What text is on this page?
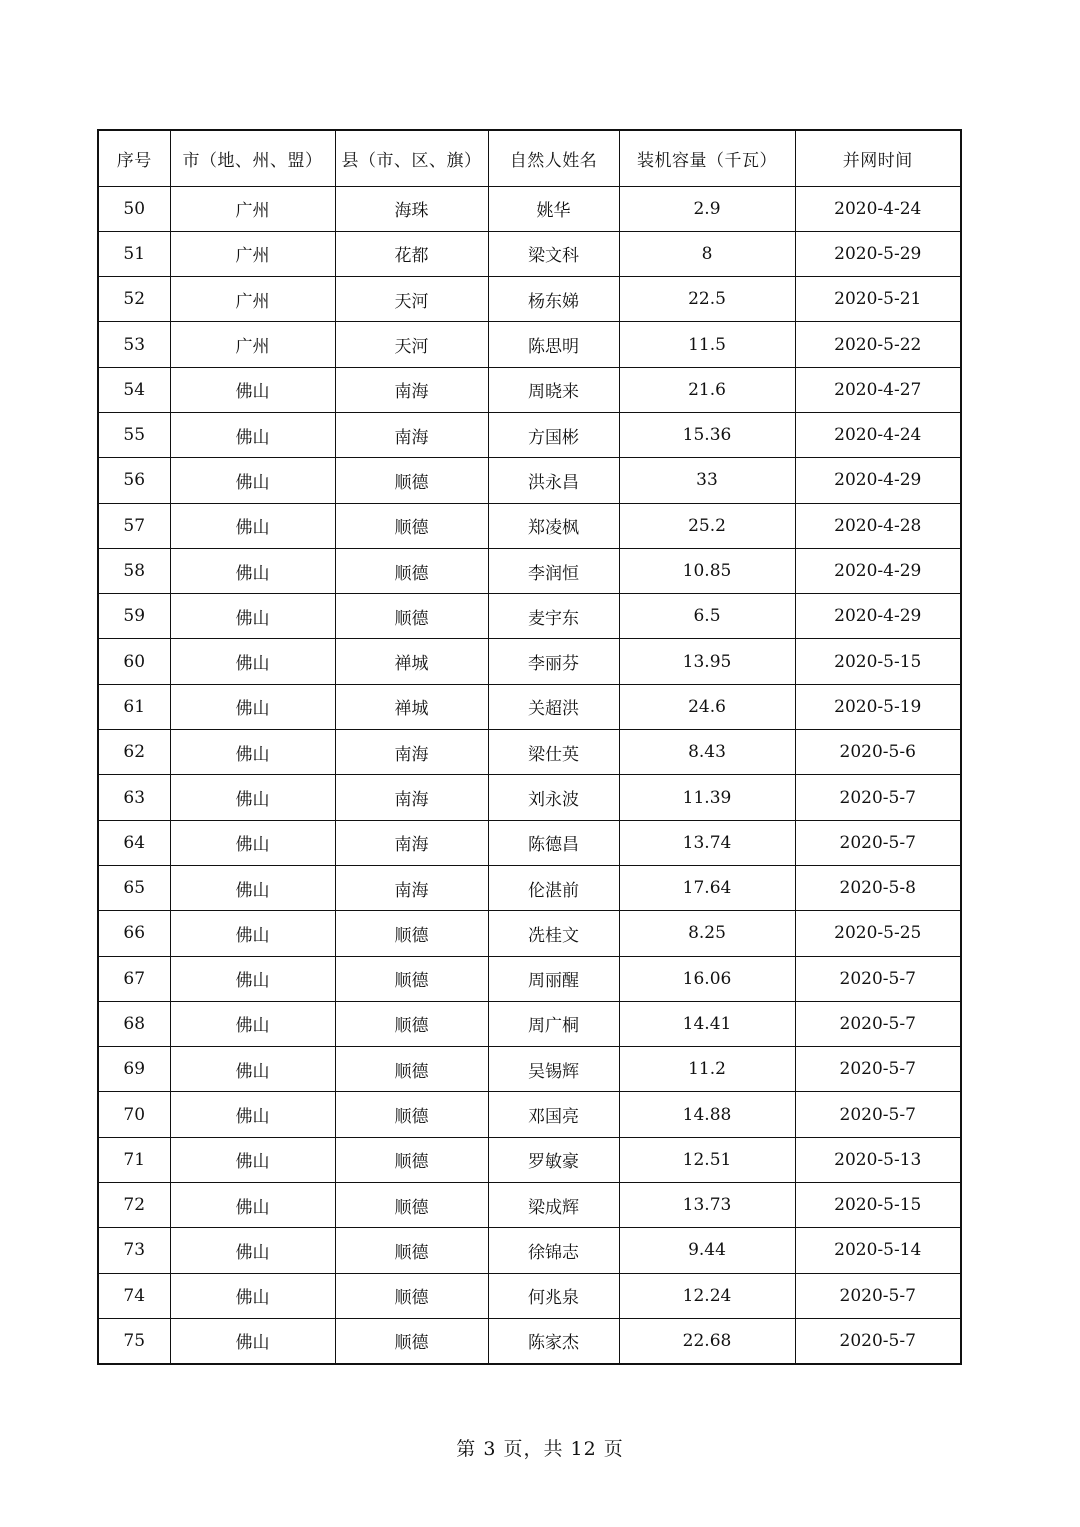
序号	市（地、州、盟）	县（市、区、旗）	自然人姓名	装机容量（千瓦）	并网时间
50	广州	海珠	姚华	2.9	2020-4-24
51	广州	花都	梁文科	8	2020-5-29
52	广州	天河	杨东娣	22.5	2020-5-21
53	广州	天河	陈思明	11.5	2020-5-22
54	佛山	南海	周晓来	21.6	2020-4-27
55	佛山	南海	方国彬	15.36	2020-4-24
56	佛山	顺德	洪永昌	33	2020-4-29
57	佛山	顺德	郑凌枫	25.2	2020-4-28
58	佛山	顺德	李润恒	10.85	2020-4-29
59	佛山	顺德	麦宇东	6.5	2020-4-29
60	佛山	禅城	李丽芬	13.95	2020-5-15
61	佛山	禅城	关超洪	24.6	2020-5-19
62	佛山	南海	梁仕英	8.43	2020-5-6
63	佛山	南海	刘永波	11.39	2020-5-7
64	佛山	南海	陈德昌	13.74	2020-5-7
65	佛山	南海	伦湛前	17.64	2020-5-8
66	佛山	顺德	冼桂文	8.25	2020-5-25
67	佛山	顺德	周丽醒	16.06	2020-5-7
68	佛山	顺德	周广桐	14.41	2020-5-7
69	佛山	顺德	吴锡辉	11.2	2020-5-7
70	佛山	顺德	邓国亮	14.88	2020-5-7
71	佛山	顺德	罗敏豪	12.51	2020-5-13
72	佛山	顺德	梁成辉	13.73	2020-5-15
73	佛山	顺德	徐锦志	9.44	2020-5-14
74	佛山	顺德	何兆泉	12.24	2020-5-7
75	佛山	顺德	陈家杰	22.68	2020-5-7
第 3 页，共 12 页
